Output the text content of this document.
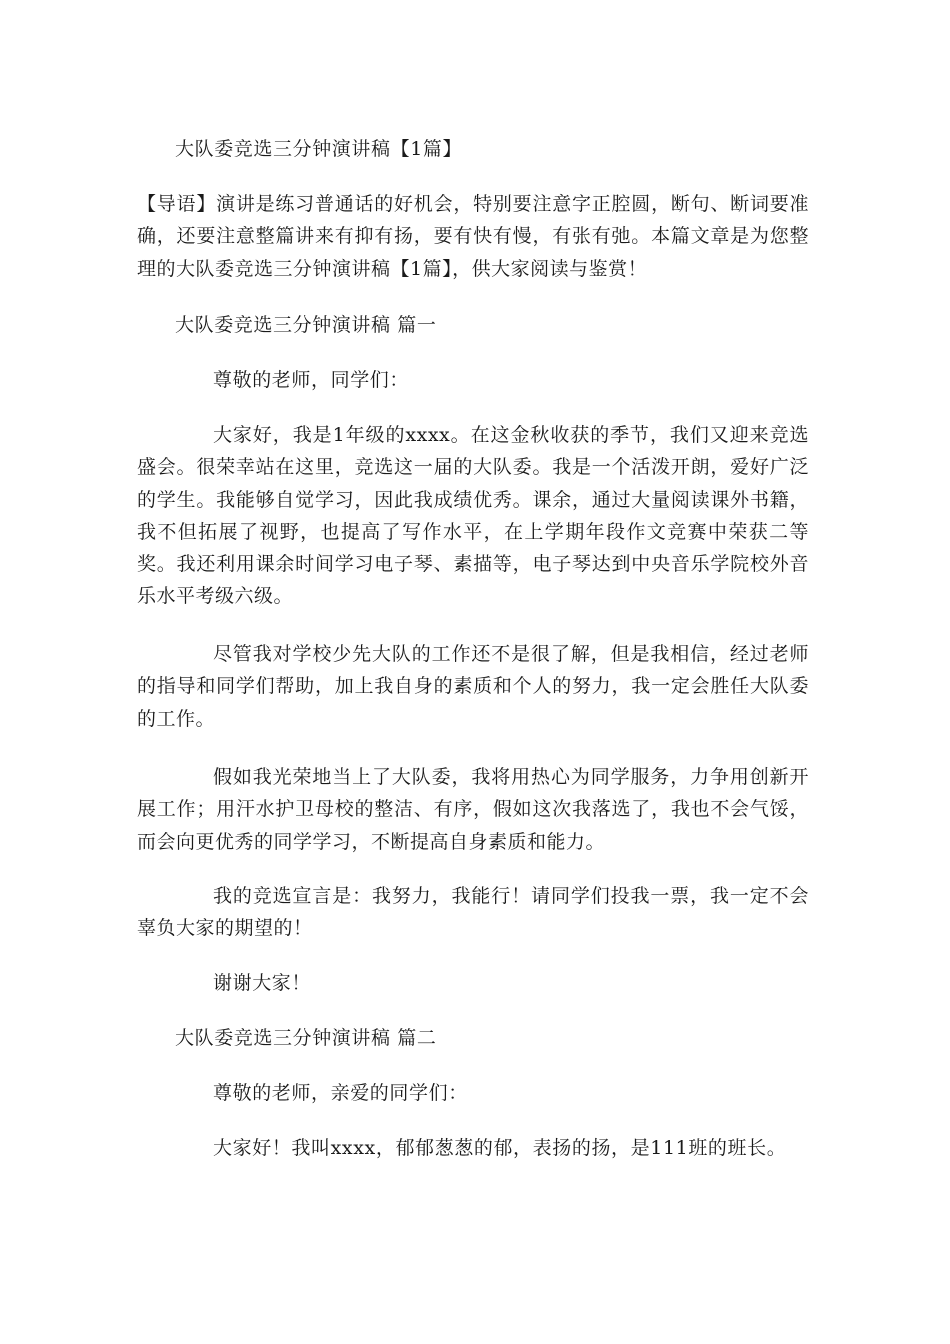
大队委竞选三分钟演讲稿【1篇】
【导语】演讲是练习普通话的好机会，特别要注意字正腔圆，断句、断词要准确，还要注意整篇讲来有抑有扬，要有快有慢，有张有弛。本篇文章是为您整理的大队委竞选三分钟演讲稿【1篇】，供大家阅读与鉴赏！
大队委竞选三分钟演讲稿 篇一
尊敬的老师，同学们：
大家好，我是1年级的xxxx。在这金秋收获的季节，我们又迎来竞选盛会。很荣幸站在这里，竞选这一届的大队委。我是一个活泼开朗，爱好广泛的学生。我能够自觉学习，因此我成绩优秀。课余，通过大量阅读课外书籍，我不但拓展了视野，也提高了写作水平，在上学期年段作文竞赛中荣获二等奖。我还利用课余时间学习电子琴、素描等，电子琴达到中央音乐学院校外音乐水平考级六级。
尽管我对学校少先大队的工作还不是很了解，但是我相信，经过老师的指导和同学们帮助，加上我自身的素质和个人的努力，我一定会胜任大队委的工作。
假如我光荣地当上了大队委，我将用热心为同学服务，力争用创新开展工作；用汗水护卫母校的整洁、有序，假如这次我落选了，我也不会气馁，而会向更优秀的同学学习，不断提高自身素质和能力。
我的竞选宣言是：我努力，我能行！请同学们投我一票，我一定不会辜负大家的期望的！
谢谢大家！
大队委竞选三分钟演讲稿 篇二
尊敬的老师，亲爱的同学们：
大家好！我叫xxxx，郁郁葱葱的郁，表扬的扬，是111班的班长。
